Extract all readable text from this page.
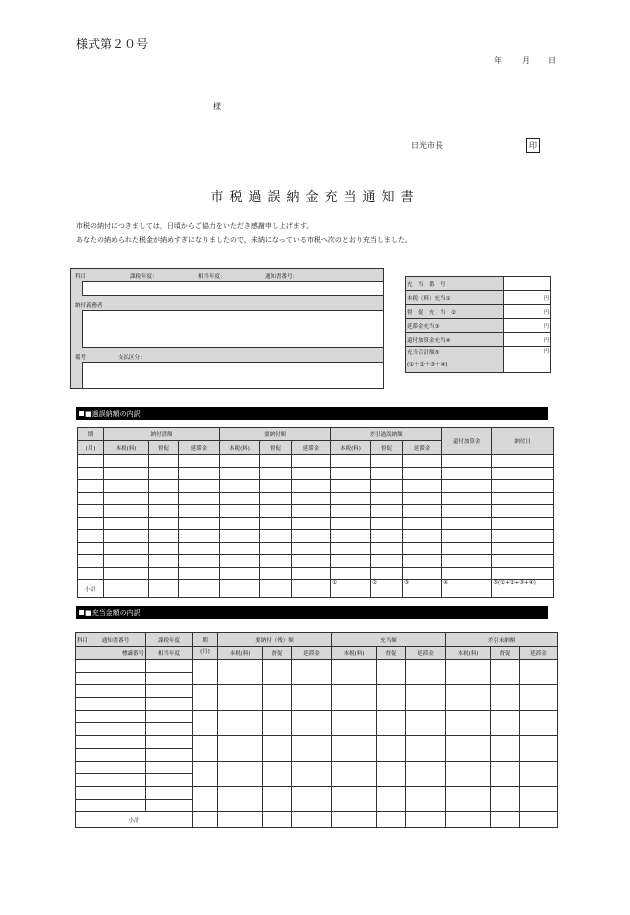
様式第２０号
年	月 日
様
日光市長	印
市税過誤納金充当通知書
市税の納付につきましては，日頃からご協力をいただき感謝申し上げます。
あなたの納められた税金が納めすぎになりましたので，未納になっている市税へ次のとおり充当しました。
科目	課税年度：	相当年度：	通知書番号：
納付義務者
備考	支払区分：
充　当　番　号	
本税（料）充当①	円
督　促　充　当　②	円
延滞金充当③	円
還付加算金充当④	円

充当合計額⑤
(①＋②＋③＋④)	円
■過誤納額の内訳
期	納付済額			要納付額			差引過誤納額			還付加算金	納付日
(月)	本税(料)	督促	延滞金	本税(料)	督促	延滞金	本税(料)	督促	延滞金		

小計							①	②	③	④	⑤(①+②+③+④)
■充当金額の内訳
科目 通知書番号	課税年度	期	要納付（残）額			充当額			差引未納額		
標識番号	相当年度	(月)	本税(料)	督促	延滞金	本税(料)	督促	延滞金	本税(料)	督促	延滞金

小計											
